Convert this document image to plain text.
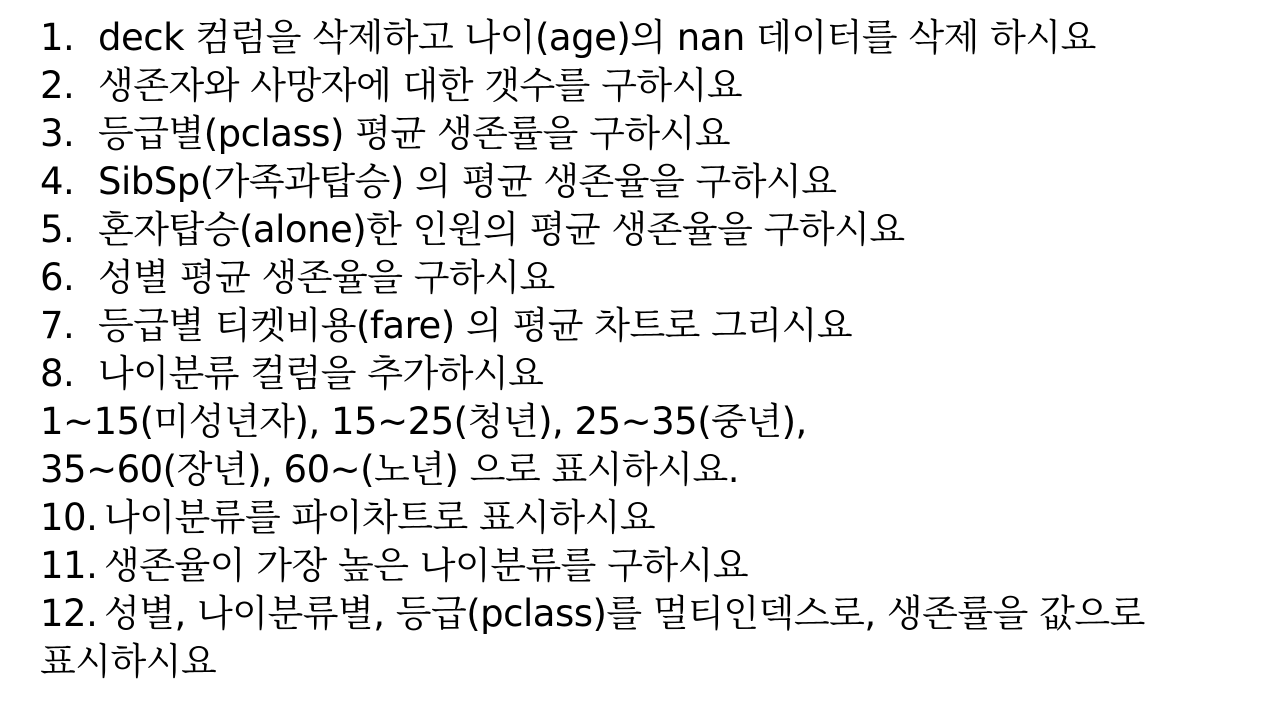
1. deck 컴럼을 삭제하고 나이(age)의 nan 데이터를 삭제 하시요
2. 생존자와 사망자에 대한 갯수를 구하시요
3. 등급별(pclass) 평균 생존률을 구하시요
4. SibSp(가족과탑승) 의 평균 생존율을 구하시요
5. 혼자탑승(alone)한 인원의 평균 생존율을 구하시요
6. 성별 평균 생존율을 구하시요
7. 등급별 티켓비용(fare) 의 평균 차트로 그리시요
8. 나이분류 컬럼을 추가하시요
1~15(미성년자), 15~25(청년), 25~35(중년),
35~60(장년), 60~(노년) 으로 표시하시요.
10. 나이분류를 파이차트로 표시하시요
11. 생존율이 가장 높은 나이분류를 구하시요
12. 성별, 나이분류별, 등급(pclass)를 멀티인덱스로, 생존률을 값으로
표시하시요
